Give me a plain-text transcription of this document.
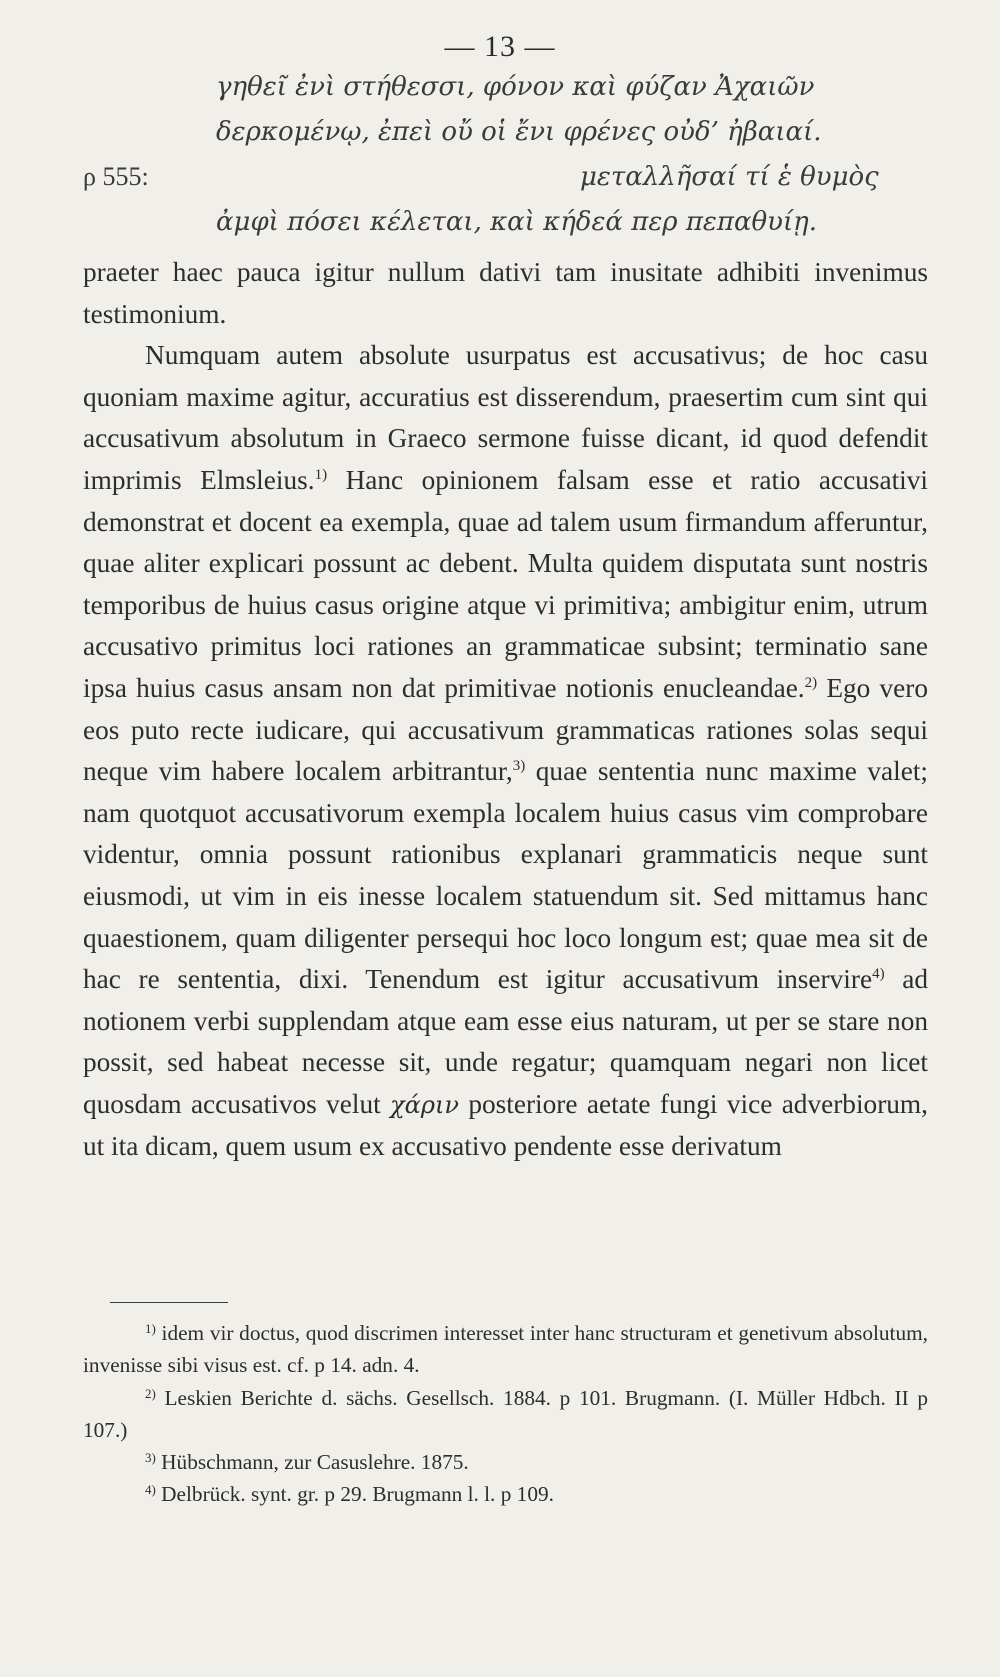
— 13 —
γηθεῖ ἐνὶ στήθεσσι, φόνον καὶ φύζαν Ἀχαιῶν
δερκομένῳ, ἐπεὶ οὔ οἱ ἔνι φρένες οὐδ’ ἠβαιαί.
ρ 555:	μεταλλῆσαί τί ἑ θυμὸς
ἀμφὶ πόσει κέλεται, καὶ κήδεά περ πεπαθυίῃ.

praeter haec pauca igitur nullum dativi tam inusitate adhibiti invenimus testimonium.

Numquam autem absolute usurpatus est accusativus; de hoc casu quoniam maxime agitur, accuratius est disserendum, praesertim cum sint qui accusativum absolutum in Graeco sermone fuisse dicant, id quod defendit imprimis Elmsleius.$^{1)}$ Hanc opinionem falsam esse et ratio accusativi demonstrat et docent ea exempla, quae ad talem usum firmandum afferuntur, quae aliter explicari possunt ac debent. Multa quidem disputata sunt nostris temporibus de huius casus origine atque vi primitiva; ambigitur enim, utrum accusativo primitus loci rationes an grammaticae subsint; terminatio sane ipsa huius casus ansam non dat primitivae notionis enucleandae.$^{2)}$ Ego vero eos puto recte iudicare, qui accusativum grammaticas rationes solas sequi neque vim habere localem arbitrantur,$^{3)}$ quae sententia nunc maxime valet; nam quotquot accusativorum exempla localem huius casus vim comprobare videntur, omnia possunt rationibus explanari grammaticis neque sunt eiusmodi, ut vim in eis inesse localem statuendum sit. Sed mittamus hanc quaestionem, quam diligenter persequi hoc loco longum est; quae mea sit de hac re sententia, dixi. Tenendum est igitur accusativum inservire$^{4)}$ ad notionem verbi supplendam atque eam esse eius naturam, ut per se stare non possit, sed habeat necesse sit, unde regatur; quamquam negari non licet quosdam accusativos velut χάριν posteriore aetate fungi vice adverbiorum, ut ita dicam, quem usum ex accusativo pendente esse derivatum

$^{1)}$ idem vir doctus, quod discrimen interesset inter hanc structuram et genetivum absolutum, invenisse sibi visus est. cf. p 14. adn. 4.

$^{2)}$ Leskien Berichte d. sächs. Gesellsch. 1884. p 101. Brugmann. (I. Müller Hdbch. II p 107.)

$^{3)}$ Hübschmann, zur Casuslehre. 1875.

$^{4)}$ Delbrück. synt. gr. p 29. Brugmann l. l. p 109.
